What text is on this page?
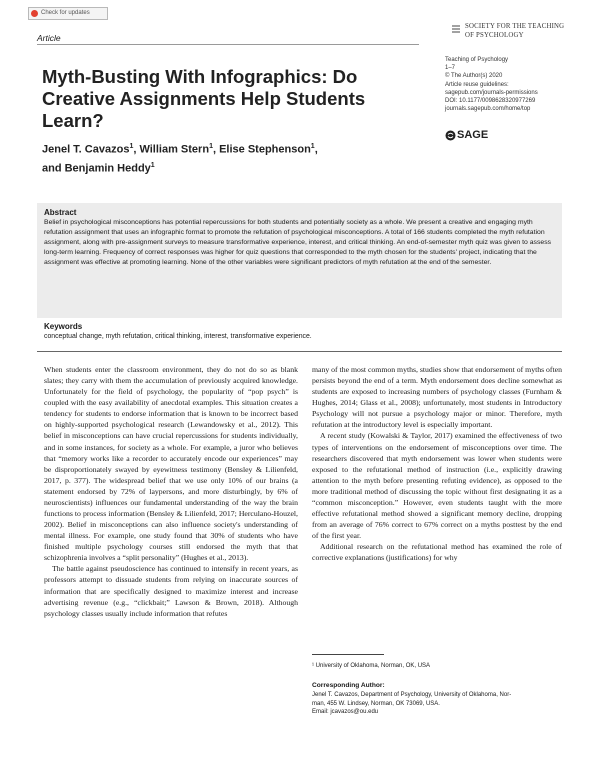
Check for updates
Article
SOCIETY FOR THE TEACHING
OF PSYCHOLOGY
Teaching of Psychology
1–7
© The Author(s) 2020
Article reuse guidelines:
sagepub.com/journals-permissions
DOI: 10.1177/0098628320977269
journals.sagepub.com/home/top
SAGE
Myth-Busting With Infographics: Do Creative Assignments Help Students Learn?
Jenel T. Cavazos$^1$, William Stern$^1$, Elise Stephenson$^1$,
and Benjamin Heddy$^1$
Abstract
Belief in psychological misconceptions has potential repercussions for both students and potentially society as a whole. We present a creative and engaging myth refutation assignment that uses an infographic format to promote the refutation of psychological misconceptions. A total of 166 students completed the myth refutation assignment, along with pre-assignment surveys to measure transformative experience, interest, and critical thinking. An end-of-semester myth quiz was given to assess long-term learning. Frequency of correct responses was higher for quiz questions that corresponded to the myth chosen for the students' project, indicating that the assignment was effective at promoting learning. None of the other variables were significant predictors of myth refutation at the end of the semester.
Keywords
conceptual change, myth refutation, critical thinking, interest, transformative experience.

When students enter the classroom environment, they do not do so as blank slates; they carry with them the accumulation of previously acquired knowledge. Unfortunately for the field of psychology, the popularity of “pop psych” is coupled with the easy availability of anecdotal examples. This situation creates a tendency for students to endorse information that is known to be incorrect based on highly-supported psychological research (Lewandowsky et al., 2012). This belief in misconceptions can have crucial repercussions for students individually, and in some instances, for society as a whole. For example, a juror who believes that “memory works like a recorder to accurately encode our experiences” may be disproportionately swayed by eyewitness testimony (Bensley & Lilienfeld, 2017, p. 377). The widespread belief that we use only 10% of our brains (a statement endorsed by 72% of laypersons, and more disturbingly, by 6% of neuroscientists) influences our fundamental understanding of the way the brain functions to process information (Bensley & Lilienfeld, 2017; Herculano-Houzel, 2002). Belief in misconceptions can also influence society's understanding of mental illness. For example, one study found that 30% of students who have finished multiple psychology courses still endorsed the myth that that schizophrenia involves a “split personality” (Hughes et al., 2013).

The battle against pseudoscience has continued to intensify in recent years, as professors attempt to dissuade students from relying on inaccurate sources of information that are specifically designed to maximize interest and increase advertising revenue (e.g., “clickbait;” Lawson & Brown, 2018). Although psychology classes usually include information that refutes

many of the most common myths, studies show that endorsement of myths often persists beyond the end of a term. Myth endorsement does decline somewhat as students are exposed to increasing numbers of psychology classes (Furnham & Hughes, 2014; Glass et al., 2008); unfortunately, most students in Introductory Psychology will not pursue a psychology major or minor. Therefore, myth refutation at the introductory level is especially important.

A recent study (Kowalski & Taylor, 2017) examined the effectiveness of two types of interventions on the endorsement of misconceptions over time. The researchers discovered that myth endorsement was lower when students were exposed to the refutational method of instruction (i.e., explicitly drawing attention to the myth before presenting refuting evidence), as opposed to the more traditional method of discussing the topic without first designating it as a “common misconception.” However, even students taught with the more effective refutational method showed a significant memory decline, dropping from an average of 76% correct to 67% correct on a myths posttest by the end of the first year.

Additional research on the refutational method has examined the role of corrective explanations (justifications) for why

¹ University of Oklahoma, Norman, OK, USA
Corresponding Author:
Jenel T. Cavazos, Department of Psychology, University of Oklahoma, Nor-
man, 455 W. Lindsey, Norman, OK 73069, USA.
Email: jcavazos@ou.edu
